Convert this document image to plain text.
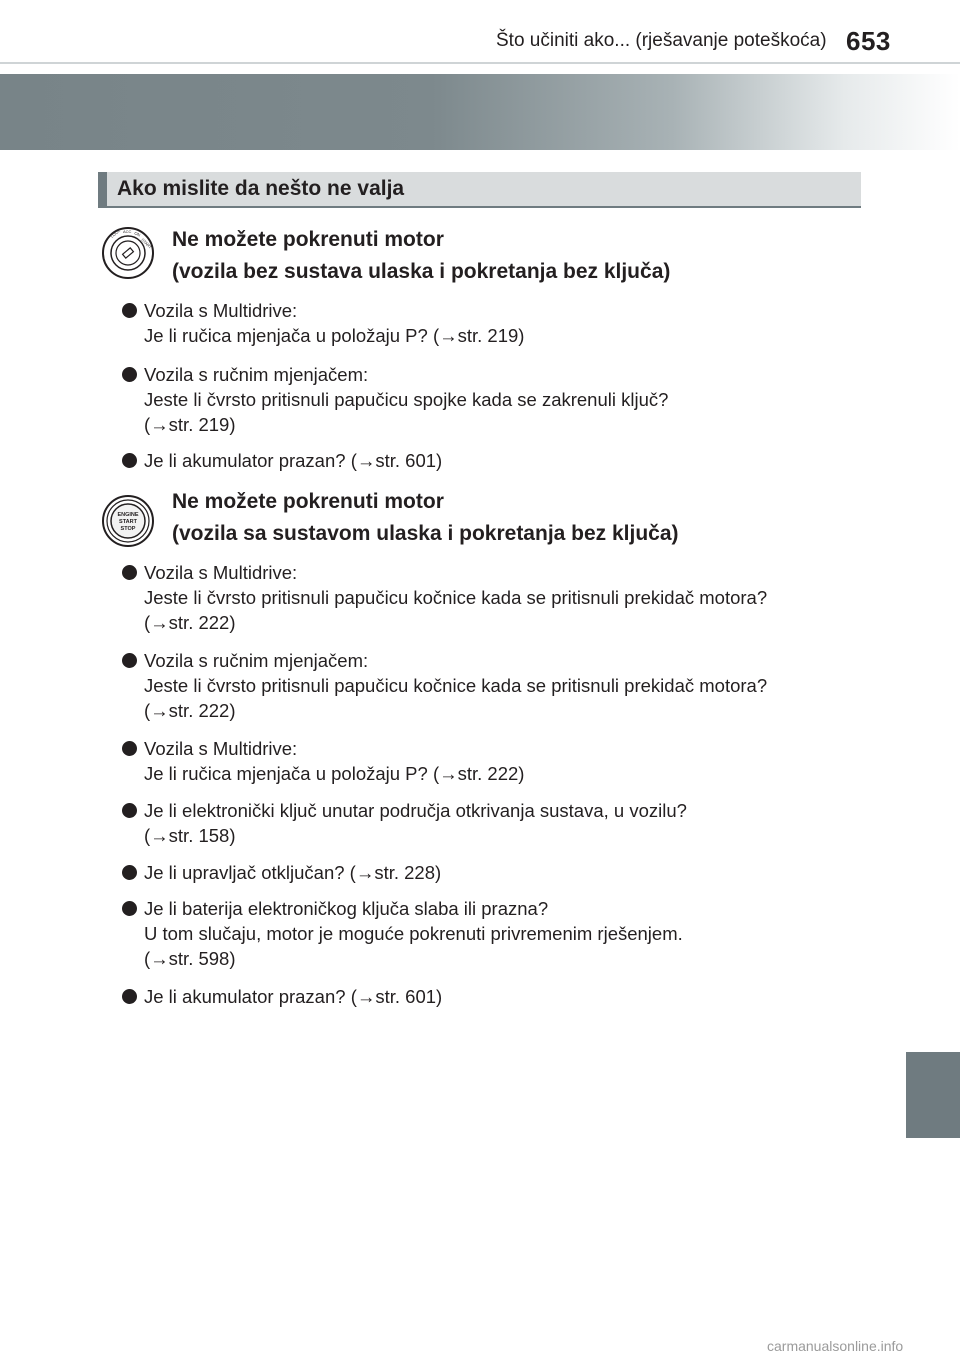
Što učiniti ako... (rješavanje poteškoća) 653
Ako mislite da nešto ne valja
LOCK ACC ON
START Ne možete pokrenuti motor
(vozila bez sustava ulaska i pokretanja bez ključa)
Vozila s Multidrive:
Je li ručica mjenjača u položaju P? (→str. 219)
Vozila s ručnim mjenjačem:
Jeste li čvrsto pritisnuli papučicu spojke kada se zakrenuli ključ?
(→str. 219)
Je li akumulator prazan? (→str. 601)
ENGINE
START
STOP
Ne možete pokrenuti motor
(vozila sa sustavom ulaska i pokretanja bez ključa)
Vozila s Multidrive:
Jeste li čvrsto pritisnuli papučicu kočnice kada se pritisnuli prekidač motora?
(→str. 222)
Vozila s ručnim mjenjačem:
Jeste li čvrsto pritisnuli papučicu kočnice kada se pritisnuli prekidač motora?
(→str. 222)
Vozila s Multidrive:
Je li ručica mjenjača u položaju P? (→str. 222)
Je li elektronički ključ unutar područja otkrivanja sustava, u vozilu?
(→str. 158)
Je li upravljač otključan? (→str. 228)
Je li baterija elektroničkog ključa slaba ili prazna?
U tom slučaju, motor je moguće pokrenuti privremenim rješenjem.
(→str. 598)
Je li akumulator prazan? (→str. 601)
carmanualsonline.info
